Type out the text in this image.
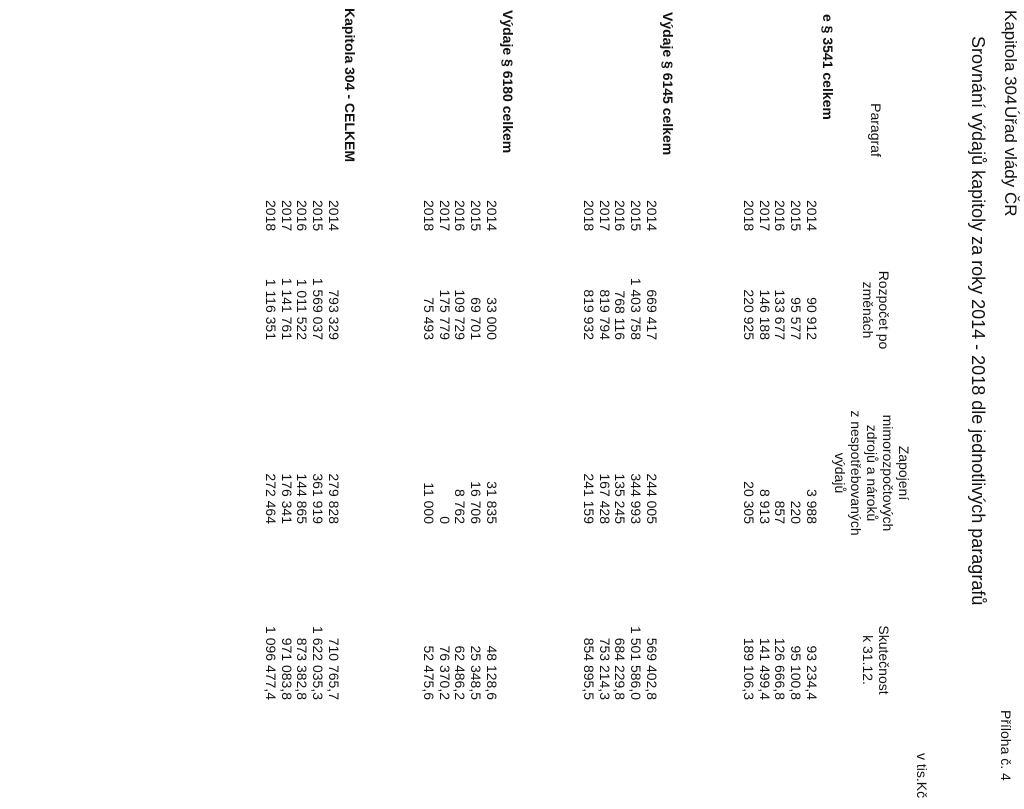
Příloha č. 4
Kapitola 304
Úřad vlády ČR
Srovnání výdajů kapitoly za roky 2014 - 2018 dle jednotlivých paragrafů
v tis.Kč
Paragraf
Rozpočet po
změnách
Zapojení
mimorozpočtových
zdrojů a nároků
z nespotřebovaných
výdajů
Skutečnost
k 31.12.
e § 3541 celkem
2014
90 912
3 988
93 234,4
2015
95 577
220
95 100,8
2016
133 677
857
126 666,8
2017
146 188
8 913
141 499,4
2018
220 925
20 305
189 106,3
Výdaje § 6145 celkem
2014
669 417
244 005
569 402,8
2015
1 403 758
344 993
1 501 586,0
2016
768 116
135 245
684 229,8
2017
819 794
167 428
753 214,3
2018
819 932
241 159
854 895,5
Výdaje § 6180 celkem
2014
33 000
31 835
48 128,6
2015
69 701
16 706
25 348,5
2016
109 729
8 762
62 486,2
2017
175 779
0
76 370,2
2018
75 493
11 000
52 475,6
Kapitola 304 - CELKEM
2014
793 329
279 828
710 765,7
2015
1 569 037
361 919
1 622 035,3
2016
1 011 522
144 865
873 382,8
2017
1 141 761
176 341
971 083,8
2018
1 116 351
272 464
1 096 477,4
